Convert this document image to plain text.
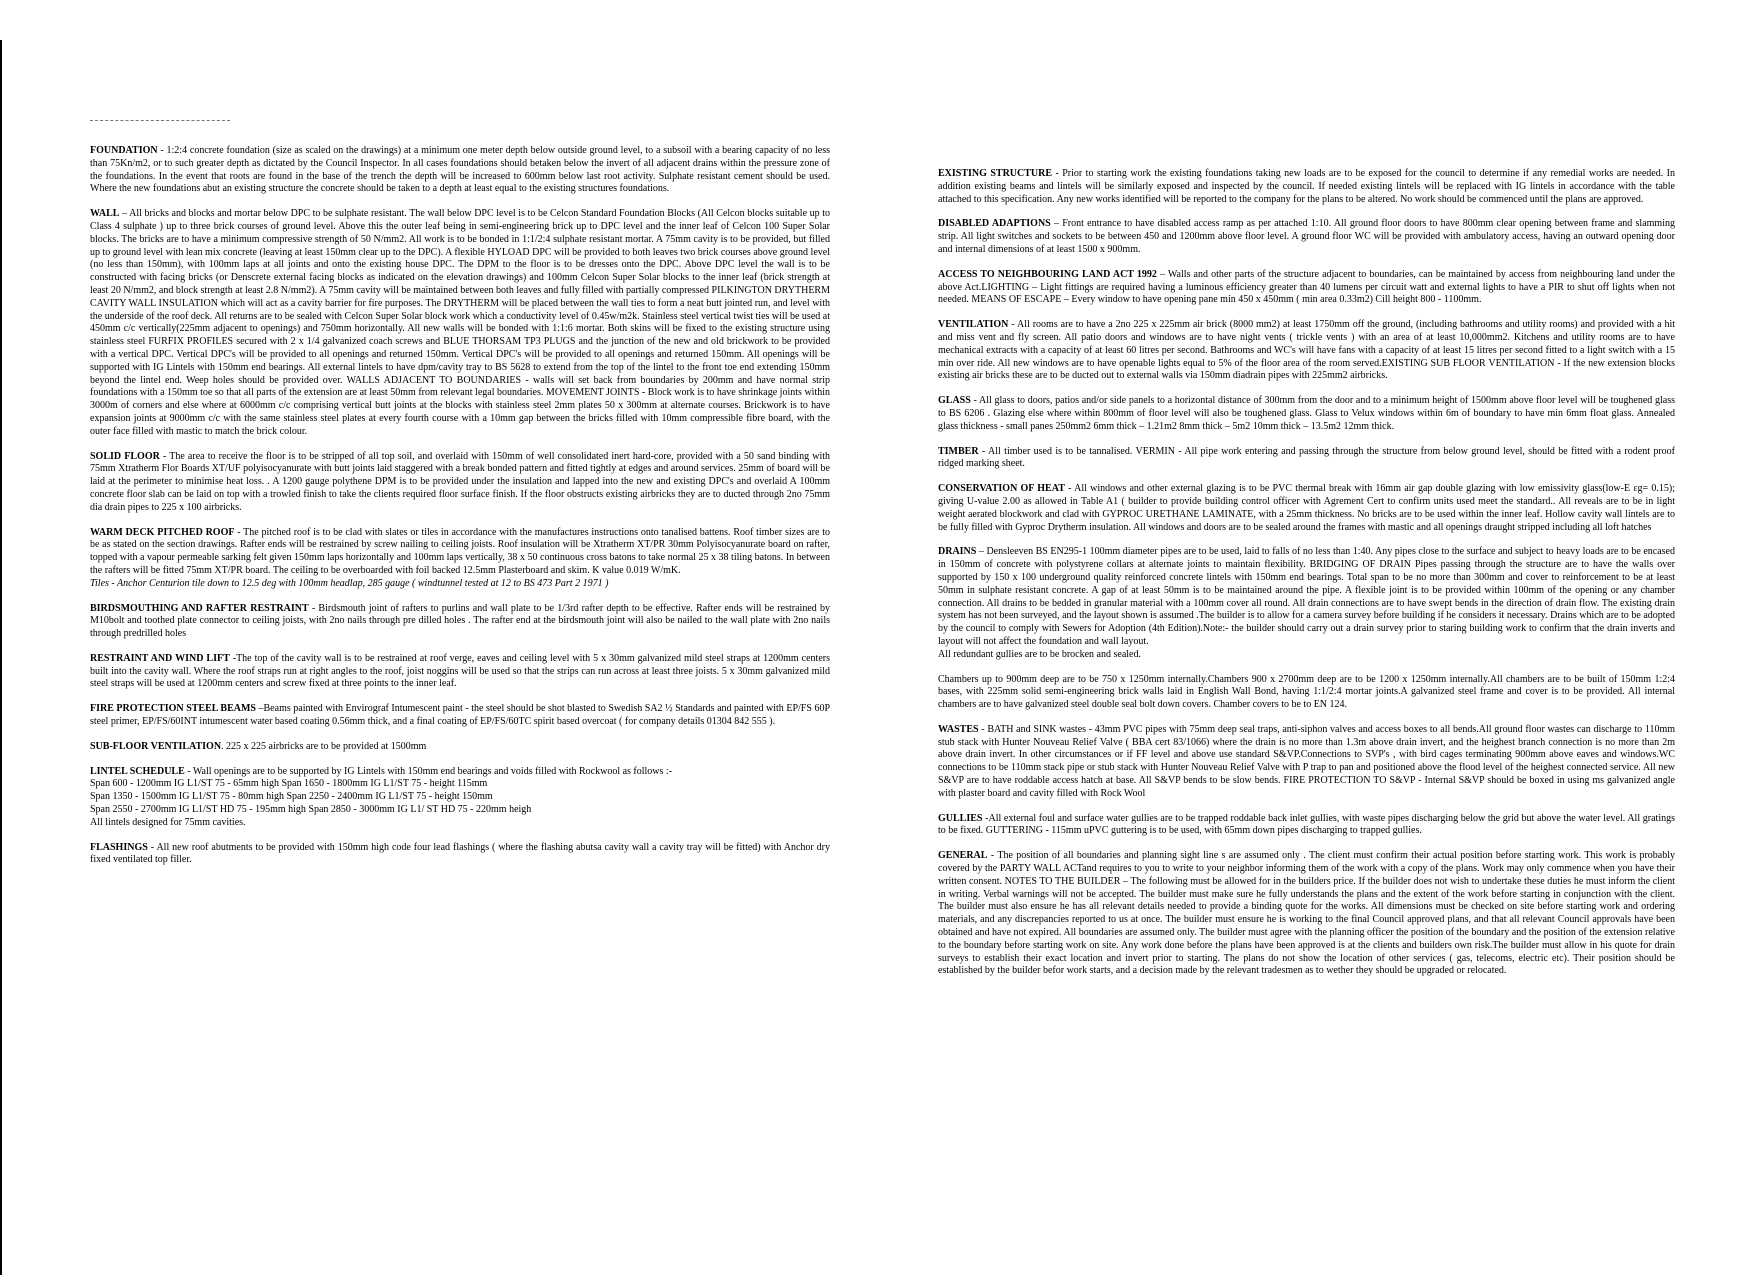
FOUNDATION - 1:2:4 concrete foundation (size as scaled on the drawings) at a minimum one meter depth below outside ground level, to a subsoil with a bearing capacity of no less than 75Kn/m2, or to such greater depth as dictated by the Council Inspector. In all cases foundations should betaken below the invert of all adjacent drains within the pressure zone of the foundations. In the event that roots are found in the base of the trench the depth will be increased to 600mm below last root activity. Sulphate resistant cement should be used. Where the new foundations abut an existing structure the concrete should be taken to a depth at least equal to the existing structures foundations.

WALL – All bricks and blocks and mortar below DPC to be sulphate resistant. The wall below DPC level is to be Celcon Standard Foundation Blocks (All Celcon blocks suitable up to Class 4 sulphate ) up to three brick courses of ground level. Above this the outer leaf being in semi-engineering brick up to DPC level and the inner leaf of Celcon 100 Super Solar blocks. The bricks are to have a minimum compressive strength of 50 N/mm2. All work is to be bonded in 1:1/2:4 sulphate resistant mortar. A 75mm cavity is to be provided, but filled up to ground level with lean mix concrete (leaving at least 150mm clear up to the DPC). A flexible HYLOAD DPC will be provided to both leaves two brick courses above ground level (no less than 150mm), with 100mm laps at all joints and onto the existing house DPC. The DPM to the floor is to be dresses onto the DPC. Above DPC level the wall is to be constructed with facing bricks (or Denscrete external facing blocks as indicated on the elevation drawings) and 100mm Celcon Super Solar blocks to the inner leaf (brick strength at least 20 N/mm2, and block strength at least 2.8 N/mm2). A 75mm cavity will be maintained between both leaves and fully filled with partially compressed PILKINGTON DRYTHERM CAVITY WALL INSULATION which will act as a cavity barrier for fire purposes. The DRYTHERM will be placed between the wall ties to form a neat butt jointed run, and level with the underside of the roof deck. All returns are to be sealed with Celcon Super Solar block work which a conductivity level of 0.45w/m2k. Stainless steel vertical twist ties will be used at 450mm c/c vertically(225mm adjacent to openings) and 750mm horizontally. All new walls will be bonded with 1:1:6 mortar. Both skins will be fixed to the existing structure using stainless steel FURFIX PROFILES secured with 2 x 1/4 galvanized coach screws and BLUE THORSAM TP3 PLUGS and the junction of the new and old brickwork to be provided with a vertical DPC. Vertical DPC's will be provided to all openings and returned 150mm. Vertical DPC's will be provided to all openings and returned 150mm. All openings will be supported with IG Lintels with 150mm end bearings. All external lintels to have dpm/cavity tray to BS 5628 to extend from the top of the lintel to the front toe end extending 150mm beyond the lintel end. Weep holes should be provided over. WALLS ADJACENT TO BOUNDARIES - walls will set back from boundaries by 200mm and have normal strip foundations with a 150mm toe so that all parts of the extension are at least 50mm from relevant legal boundaries. MOVEMENT JOINTS - Block work is to have shrinkage joints within 3000m of corners and else where at 6000mm c/c comprising vertical butt joints at the blocks with stainless steel 2mm plates 50 x 300mm at alternate courses. Brickwork is to have expansion joints at 9000mm c/c with the same stainless steel plates at every fourth course with a 10mm gap between the bricks filled with 10mm compressible fibre board, with the outer face filled with mastic to match the brick colour.

SOLID FLOOR - The area to receive the floor is to be stripped of all top soil, and overlaid with 150mm of well consolidated inert hard-core, provided with a 50 sand binding with 75mm Xtratherm Flor Boards XT/UF polyisocyanurate with butt joints laid staggered with a break bonded pattern and fitted tightly at edges and around services. 25mm of board will be laid at the perimeter to minimise heat loss. . A 1200 gauge polythene DPM is to be provided under the insulation and lapped into the new and existing DPC's and overlaid A 100mm concrete floor slab can be laid on top with a trowled finish to take the clients required floor surface finish. If the floor obstructs existing airbricks they are to ducted through 2no 75mm dia drain pipes to 225 x 100 airbricks.

WARM DECK PITCHED ROOF - The pitched roof is to be clad with slates or tiles in accordance with the manufactures instructions onto tanalised battens. Roof timber sizes are to be as stated on the section drawings. Rafter ends will be restrained by screw nailing to ceiling joists. Roof insulation will be Xtratherm XT/PR 30mm Polyisocyanurate board on rafter, topped with a vapour permeable sarking felt given 150mm laps horizontally and 100mm laps vertically, 38 x 50 continuous cross batons to take normal 25 x 38 tiling batons. In between the rafters will be fitted 75mm XT/PR board. The ceiling to be overboarded with foil backed 12.5mm Plasterboard and skim. K value 0.019 W/mK.
Tiles - Anchor Centurion tile down to 12.5 deg with 100mm headlap, 285 gauge ( windtunnel tested at 12 to BS 473 Part 2 1971 )

BIRDSMOUTHING AND RAFTER RESTRAINT - Birdsmouth joint of rafters to purlins and wall plate to be 1/3rd rafter depth to be effective. Rafter ends will be restrained by M10bolt and toothed plate connector to ceiling joists, with 2no nails through pre dilled holes . The rafter end at the birdsmouth joint will also be nailed to the wall plate with 2no nails through predrilled holes

RESTRAINT AND WIND LIFT -The top of the cavity wall is to be restrained at roof verge, eaves and ceiling level with 5 x 30mm galvanized mild steel straps at 1200mm centers built into the cavity wall. Where the roof straps run at right angles to the roof, joist noggins will be used so that the strips can run across at least three joists. 5 x 30mm galvanized mild steel straps will be used at 1200mm centers and screw fixed at three points to the inner leaf.

FIRE PROTECTION STEEL BEAMS –Beams painted with Envirograf Intumescent paint - the steel should be shot blasted to Swedish SA2 ½ Standards and painted with EP/FS 60P steel primer, EP/FS/60INT intumescent water based coating 0.56mm thick, and a final coating of EP/FS/60TC spirit based overcoat ( for company details 01304 842 555 ).

SUB-FLOOR VENTILATION. 225 x 225 airbricks are to be provided at 1500mm

LINTEL SCHEDULE - Wall openings are to be supported by IG Lintels with 150mm end bearings and voids filled with Rockwool as follows :-
Span 600 - 1200mm IG L1/ST 75 - 65mm high Span 1650 - 1800mm IG L1/ST 75 - height 115mm
Span 1350 - 1500mm IG L1/ST 75 - 80mm high Span 2250 - 2400mm IG L1/ST 75 - height 150mm
Span 2550 - 2700mm IG L1/ST HD 75 - 195mm high Span 2850 - 3000mm IG L1/ ST HD 75 - 220mm heigh
All lintels designed for 75mm cavities.

FLASHINGS - All new roof abutments to be provided with 150mm high code four lead flashings ( where the flashing abutsa cavity wall a cavity tray will be fitted) with Anchor dry fixed ventilated top filler.

EXISTING STRUCTURE - Prior to starting work the existing foundations taking new loads are to be exposed for the council to determine if any remedial works are needed. In addition existing beams and lintels will be similarly exposed and inspected by the council. If needed existing lintels will be replaced with IG lintels in accordance with the table attached to this specification. Any new works identified will be reported to the company for the plans to be altered. No work should be commenced until the plans are approved.

DISABLED ADAPTIONS – Front entrance to have disabled access ramp as per attached 1:10. All ground floor doors to have 800mm clear opening between frame and slamming strip. All light switches and sockets to be between 450 and 1200mm above floor level. A ground floor WC will be provided with ambulatory access, having an outward opening door and internal dimensions of at least 1500 x 900mm.

ACCESS TO NEIGHBOURING LAND ACT 1992 – Walls and other parts of the structure adjacent to boundaries, can be maintained by access from neighbouring land under the above Act.LIGHTING – Light fittings are required having a luminous efficiency greater than 40 lumens per circuit watt and external lights to have a PIR to shut off lights when not needed. MEANS OF ESCAPE – Every window to have opening pane min 450 x 450mm ( min area 0.33m2) Cill height 800 - 1100mm.

VENTILATION - All rooms are to have a 2no 225 x 225mm air brick (8000 mm2) at least 1750mm off the ground, (including bathrooms and utility rooms) and provided with a hit and miss vent and fly screen. All patio doors and windows are to have night vents ( trickle vents ) with an area of at least 10,000mm2. Kitchens and utility rooms are to have mechanical extracts with a capacity of at least 60 litres per second. Bathrooms and WC's will have fans with a capacity of at least 15 litres per second fitted to a light switch with a 15 min over ride. All new windows are to have openable lights equal to 5% of the floor area of the room served.EXISTING SUB FLOOR VENTILATION - If the new extension blocks existing air bricks these are to be ducted out to external walls via 150mm diadrain pipes with 225mm2 airbricks.

GLASS - All glass to doors, patios and/or side panels to a horizontal distance of 300mm from the door and to a minimum height of 1500mm above floor level will be toughened glass to BS 6206 . Glazing else where within 800mm of floor level will also be toughened glass. Glass to Velux windows within 6m of boundary to have min 6mm float glass. Annealed glass thickness - small panes 250mm2 6mm thick – 1.21m2 8mm thick – 5m2 10mm thick – 13.5m2 12mm thick.

TIMBER - All timber used is to be tannalised. VERMIN - All pipe work entering and passing through the structure from below ground level, should be fitted with a rodent proof ridged marking sheet.

CONSERVATION OF HEAT - All windows and other external glazing is to be PVC thermal break with 16mm air gap double glazing with low emissivity glass(low-E εg= 0.15); giving U-value 2.00 as allowed in Table A1 ( builder to provide building control officer with Agrement Cert to confirm units used meet the standard.. All reveals are to be in light weight aerated blockwork and clad with GYPROC URETHANE LAMINATE, with a 25mm thickness. No bricks are to be used within the inner leaf. Hollow cavity wall lintels are to be fully filled with Gyproc Drytherm insulation. All windows and doors are to be sealed around the frames with mastic and all openings draught stripped including all loft hatches

DRAINS – Densleeven BS EN295-1 100mm diameter pipes are to be used, laid to falls of no less than 1:40. Any pipes close to the surface and subject to heavy loads are to be encased in 150mm of concrete with polystyrene collars at alternate joints to maintain flexibility. BRIDGING OF DRAIN Pipes passing through the structure are to have the walls over supported by 150 x 100 underground quality reinforced concrete lintels with 150mm end bearings. Total span to be no more than 300mm and cover to reinforcement to be at least 50mm in sulphate resistant concrete. A gap of at least 50mm is to be maintained around the pipe. A flexible joint is to be provided within 100mm of the opening or any chamber connection. All drains to be bedded in granular material with a 100mm cover all round. All drain connections are to have swept bends in the direction of drain flow. The existing drain system has not been surveyed, and the layout shown is assumed .The builder is to allow for a camera survey before building if he considers it necessary. Drains which are to be adopted by the council to comply with Sewers for Adoption (4th Edition).Note:- the builder should carry out a drain survey prior to staring building work to confirm that the drain inverts and layout will not affect the foundation and wall layout.
All redundant gullies are to be brocken and sealed.

Chambers up to 900mm deep are to be 750 x 1250mm internally.Chambers 900 x 2700mm deep are to be 1200 x 1250mm internally.All chambers are to be built of 150mm 1:2:4 bases, with 225mm solid semi-engineering brick walls laid in English Wall Bond, having 1:1/2:4 mortar joints.A galvanized steel frame and cover is to be provided. All internal chambers are to have galvanized steel double seal bolt down covers. Chamber covers to be to EN 124.

WASTES - BATH and SINK wastes - 43mm PVC pipes with 75mm deep seal traps, anti-siphon valves and access boxes to all bends.All ground floor wastes can discharge to 110mm stub stack with Hunter Nouveau Relief Valve ( BBA cert 83/1066) where the drain is no more than 1.3m above drain invert, and the heighest branch connection is no more than 2m above drain invert. In other circumstances or if FF level and above use standard S&VP.Connections to SVP's , with bird cages terminating 900mm above eaves and windows.WC connections to be 110mm stack pipe or stub stack with Hunter Nouveau Relief Valve with P trap to pan and positioned above the flood level of the heighest connected service. All new S&VP are to have roddable access hatch at base. All S&VP bends to be slow bends. FIRE PROTECTION TO S&VP - Internal S&VP should be boxed in using ms galvanized angle with plaster board and cavity filled with Rock Wool

GULLIES -All external foul and surface water gullies are to be trapped roddable back inlet gullies, with waste pipes discharging below the grid but above the water level. All gratings to be fixed. GUTTERING - 115mm uPVC guttering is to be used, with 65mm down pipes discharging to trapped gullies.

GENERAL - The position of all boundaries and planning sight line s are assumed only . The client must confirm their actual position before starting work. This work is probably covered by the PARTY WALL ACTand requires to you to write to your neighbor informing them of the work with a copy of the plans. Work may only commence when you have their written consent. NOTES TO THE BUILDER – The following must be allowed for in the builders price. If the builder does not wish to undertake these duties he must inform the client in writing. Verbal warnings will not be accepted. The builder must make sure he fully understands the plans and the extent of the work before starting in conjunction with the client. The builder must also ensure he has all relevant details needed to provide a binding quote for the works. All dimensions must be checked on site before starting work and ordering materials, and any discrepancies reported to us at once. The builder must ensure he is working to the final Council approved plans, and that all relevant Council approvals have been obtained and have not expired. All boundaries are assumed only. The builder must agree with the planning officer the position of the boundary and the position of the extension relative to the boundary before starting work on site. Any work done before the plans have been approved is at the clients and builders own risk.The builder must allow in his quote for drain surveys to establish their exact location and invert prior to starting. The plans do not show the location of other services ( gas, telecoms, electric etc). Their position should be established by the builder befor work starts, and a decision made by the relevant tradesmen as to wether they should be upgraded or relocated.
